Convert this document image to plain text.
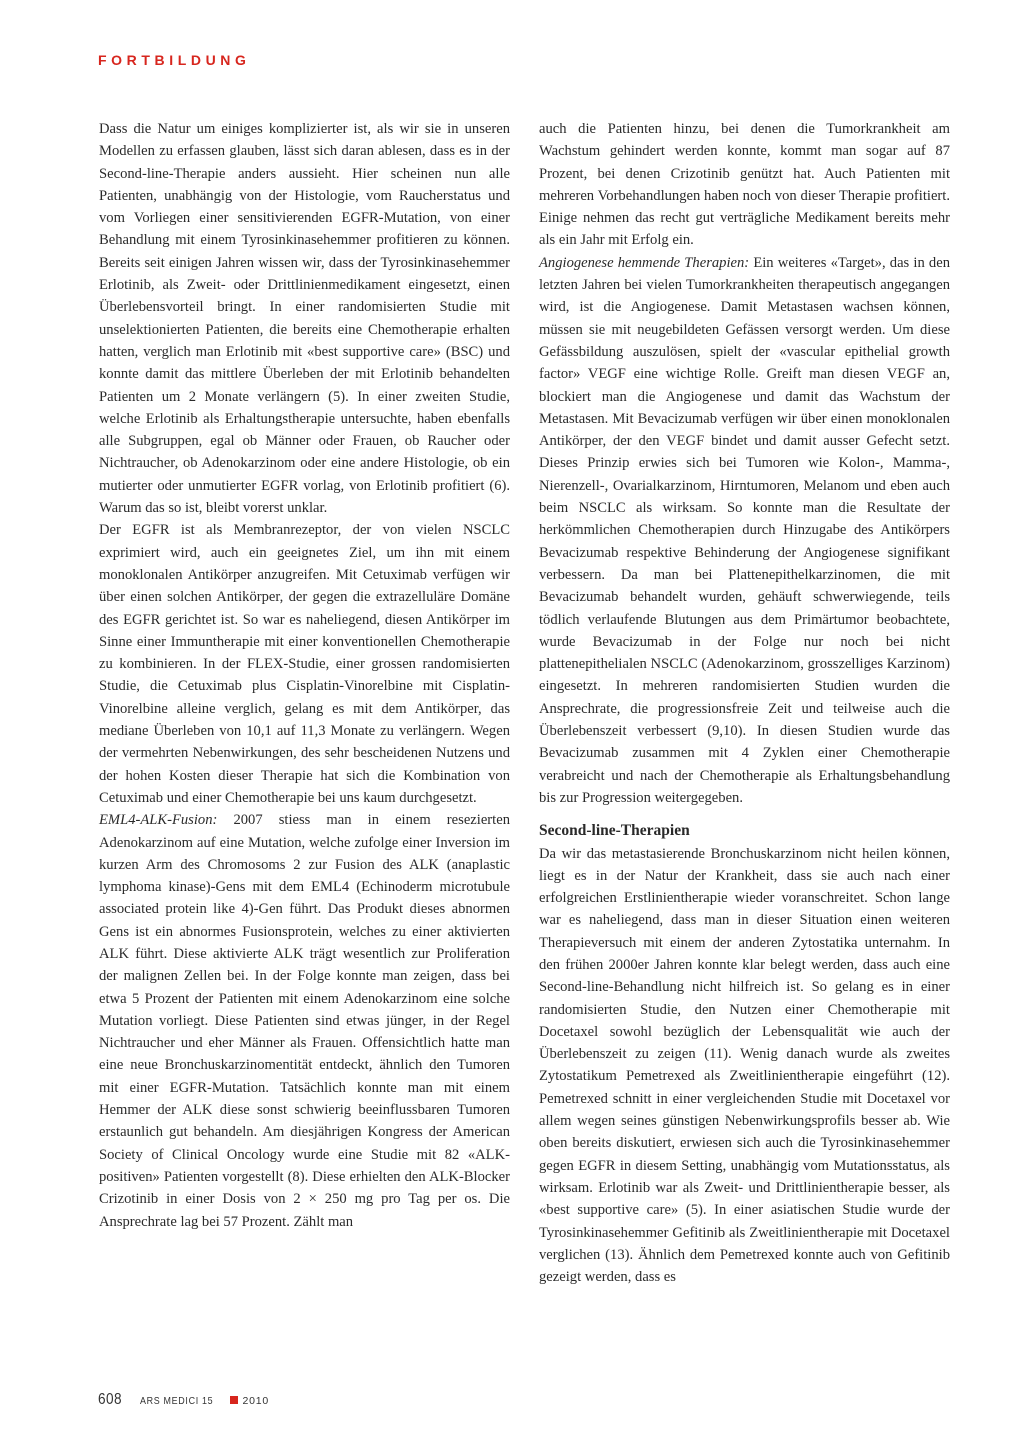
FORTBILDUNG

Dass die Natur um einiges komplizierter ist, als wir sie in unseren Modellen zu erfassen glauben, lässt sich daran ablesen, dass es in der Second-line-Therapie anders aussieht. Hier scheinen nun alle Patienten, unabhängig von der Histologie, vom Raucherstatus und vom Vorliegen einer sensitivierenden EGFR-Mutation, von einer Behandlung mit einem Tyrosinkinasehemmer profitieren zu können. Bereits seit einigen Jahren wissen wir, dass der Tyrosinkinasehemmer Erlotinib, als Zweit- oder Drittlinienmedikament eingesetzt, einen Überlebensvorteil bringt. In einer randomisierten Studie mit unselektionierten Patienten, die bereits eine Chemotherapie erhalten hatten, verglich man Erlotinib mit «best supportive care» (BSC) und konnte damit das mittlere Überleben der mit Erlotinib behandelten Patienten um 2 Monate verlängern (5). In einer zweiten Studie, welche Erlotinib als Erhaltungstherapie untersuchte, haben ebenfalls alle Subgruppen, egal ob Männer oder Frauen, ob Raucher oder Nichtraucher, ob Adenokarzinom oder eine andere Histologie, ob ein mutierter oder unmutierter EGFR vorlag, von Erlotinib profitiert (6). Warum das so ist, bleibt vorerst unklar.

Der EGFR ist als Membranrezeptor, der von vielen NSCLC exprimiert wird, auch ein geeignetes Ziel, um ihn mit einem monoklonalen Antikörper anzugreifen. Mit Cetuximab verfügen wir über einen solchen Antikörper, der gegen die extrazelluläre Domäne des EGFR gerichtet ist. So war es naheliegend, diesen Antikörper im Sinne einer Immuntherapie mit einer konventionellen Chemotherapie zu kombinieren. In der FLEX-Studie, einer grossen randomisierten Studie, die Cetuximab plus Cisplatin-Vinorelbine mit Cisplatin-Vinorelbine alleine verglich, gelang es mit dem Antikörper, das mediane Überleben von 10,1 auf 11,3 Monate zu verlängern. Wegen der vermehrten Nebenwirkungen, des sehr bescheidenen Nutzens und der hohen Kosten dieser Therapie hat sich die Kombination von Cetuximab und einer Chemotherapie bei uns kaum durchgesetzt.

EML4-ALK-Fusion: 2007 stiess man in einem resezierten Adenokarzinom auf eine Mutation, welche zufolge einer Inversion im kurzen Arm des Chromosoms 2 zur Fusion des ALK (anaplastic lymphoma kinase)-Gens mit dem EML4 (Echinoderm microtubule associated protein like 4)-Gen führt. Das Produkt dieses abnormen Gens ist ein abnormes Fusionsprotein, welches zu einer aktivierten ALK führt. Diese aktivierte ALK trägt wesentlich zur Proliferation der malignen Zellen bei. In der Folge konnte man zeigen, dass bei etwa 5 Prozent der Patienten mit einem Adenokarzinom eine solche Mutation vorliegt. Diese Patienten sind etwas jünger, in der Regel Nichtraucher und eher Männer als Frauen. Offensichtlich hatte man eine neue Bronchuskarzinomentität entdeckt, ähnlich den Tumoren mit einer EGFR-Mutation. Tatsächlich konnte man mit einem Hemmer der ALK diese sonst schwierig beeinflussbaren Tumoren erstaunlich gut behandeln. Am diesjährigen Kongress der American Society of Clinical Oncology wurde eine Studie mit 82 «ALK-positiven» Patienten vorgestellt (8). Diese erhielten den ALK-Blocker Crizotinib in einer Dosis von 2 × 250 mg pro Tag per os. Die Ansprechrate lag bei 57 Prozent. Zählt man

auch die Patienten hinzu, bei denen die Tumorkrankheit am Wachstum gehindert werden konnte, kommt man sogar auf 87 Prozent, bei denen Crizotinib genützt hat. Auch Patienten mit mehreren Vorbehandlungen haben noch von dieser Therapie profitiert. Einige nehmen das recht gut verträgliche Medikament bereits mehr als ein Jahr mit Erfolg ein.

Angiogenese hemmende Therapien: Ein weiteres «Target», das in den letzten Jahren bei vielen Tumorkrankheiten therapeutisch angegangen wird, ist die Angiogenese. Damit Metastasen wachsen können, müssen sie mit neugebildeten Gefässen versorgt werden. Um diese Gefässbildung auszulösen, spielt der «vascular epithelial growth factor» VEGF eine wichtige Rolle. Greift man diesen VEGF an, blockiert man die Angiogenese und damit das Wachstum der Metastasen. Mit Bevacizumab verfügen wir über einen monoklonalen Antikörper, der den VEGF bindet und damit ausser Gefecht setzt. Dieses Prinzip erwies sich bei Tumoren wie Kolon-, Mamma-, Nierenzell-, Ovarialkarzinom, Hirntumoren, Melanom und eben auch beim NSCLC als wirksam. So konnte man die Resultate der herkömmlichen Chemotherapien durch Hinzugabe des Antikörpers Bevacizumab respektive Behinderung der Angiogenese signifikant verbessern. Da man bei Plattenepithelkarzinomen, die mit Bevacizumab behandelt wurden, gehäuft schwerwiegende, teils tödlich verlaufende Blutungen aus dem Primärtumor beobachtete, wurde Bevacizumab in der Folge nur noch bei nicht plattenepithelialen NSCLC (Adenokarzinom, grosszelliges Karzinom) eingesetzt. In mehreren randomisierten Studien wurden die Ansprechrate, die progressionsfreie Zeit und teilweise auch die Überlebenszeit verbessert (9,10). In diesen Studien wurde das Bevacizumab zusammen mit 4 Zyklen einer Chemotherapie verabreicht und nach der Chemotherapie als Erhaltungsbehandlung bis zur Progression weitergegeben.

Second-line-Therapien

Da wir das metastasierende Bronchuskarzinom nicht heilen können, liegt es in der Natur der Krankheit, dass sie auch nach einer erfolgreichen Erstlinientherapie wieder voranschreitet. Schon lange war es naheliegend, dass man in dieser Situation einen weiteren Therapieversuch mit einem der anderen Zytostatika unternahm. In den frühen 2000er Jahren konnte klar belegt werden, dass auch eine Second-line-Behandlung nicht hilfreich ist. So gelang es in einer randomisierten Studie, den Nutzen einer Chemotherapie mit Docetaxel sowohl bezüglich der Lebensqualität wie auch der Überlebenszeit zu zeigen (11). Wenig danach wurde als zweites Zytostatikum Pemetrexed als Zweitlinientherapie eingeführt (12). Pemetrexed schnitt in einer vergleichenden Studie mit Docetaxel vor allem wegen seines günstigen Nebenwirkungsprofils besser ab. Wie oben bereits diskutiert, erwiesen sich auch die Tyrosinkinasehemmer gegen EGFR in diesem Setting, unabhängig vom Mutationsstatus, als wirksam. Erlotinib war als Zweit- und Drittlinientherapie besser, als «best supportive care» (5). In einer asiatischen Studie wurde der Tyrosinkinasehemmer Gefitinib als Zweitlinientherapie mit Docetaxel verglichen (13). Ähnlich dem Pemetrexed konnte auch von Gefitinib gezeigt werden, dass es

608 ARS MEDICI 15	2010
